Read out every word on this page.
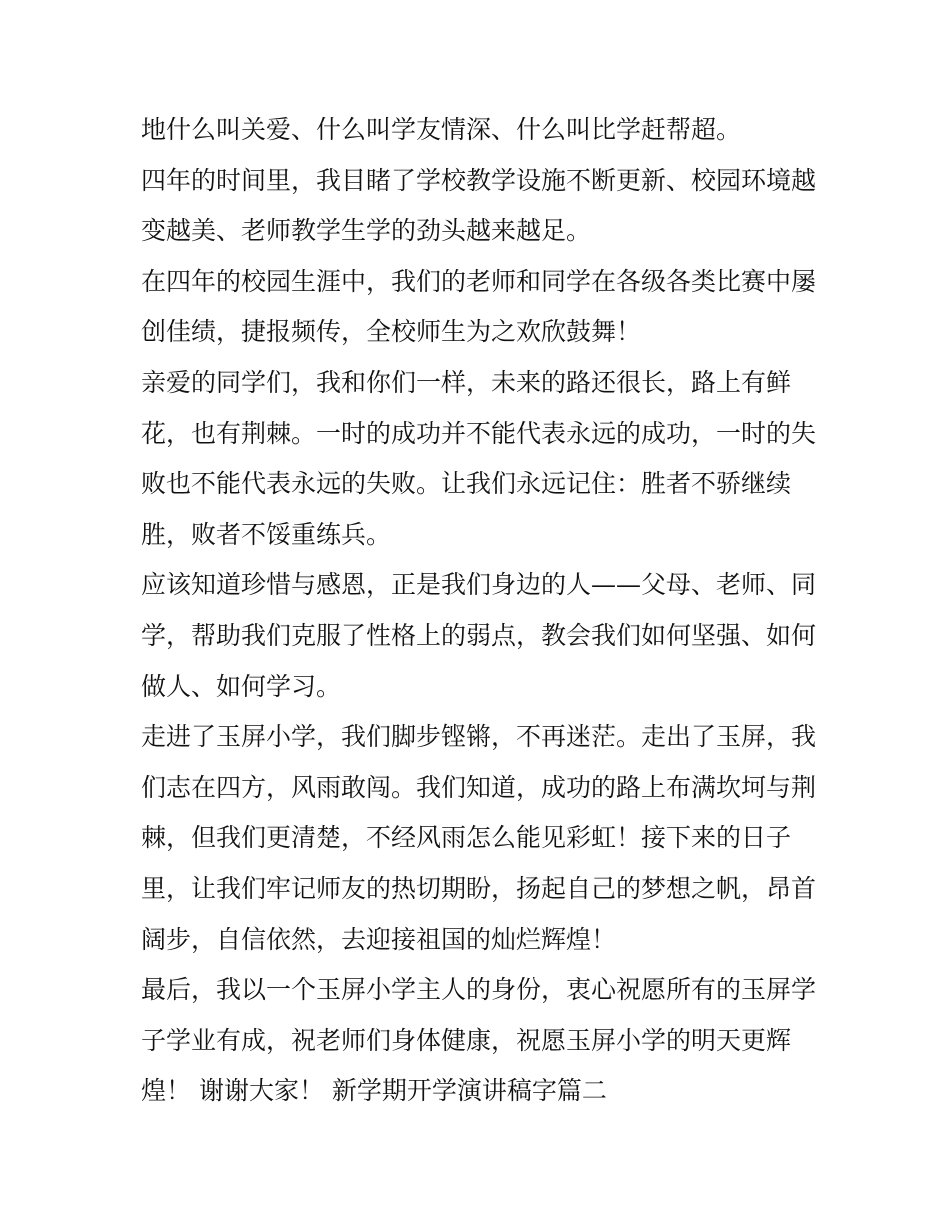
地什么叫关爱、什么叫学友情深、什么叫比学赶帮超。
四年的时间里，我目睹了学校教学设施不断更新、校园环境越
变越美、老师教学生学的劲头越来越足。
在四年的校园生涯中，我们的老师和同学在各级各类比赛中屡
创佳绩，捷报频传，全校师生为之欢欣鼓舞！
亲爱的同学们，我和你们一样，未来的路还很长，路上有鲜
花，也有荆棘。一时的成功并不能代表永远的成功，一时的失
败也不能代表永远的失败。让我们永远记住：胜者不骄继续
胜，败者不馁重练兵。
应该知道珍惜与感恩，正是我们身边的人——父母、老师、同
学，帮助我们克服了性格上的弱点，教会我们如何坚强、如何
做人、如何学习。
走进了玉屏小学，我们脚步铿锵，不再迷茫。走出了玉屏，我
们志在四方，风雨敢闯。我们知道，成功的路上布满坎坷与荆
棘，但我们更清楚，不经风雨怎么能见彩虹！接下来的日子
里，让我们牢记师友的热切期盼，扬起自己的梦想之帆，昂首
阔步，自信依然，去迎接祖国的灿烂辉煌！
最后，我以一个玉屏小学主人的身份，衷心祝愿所有的玉屏学
子学业有成，祝老师们身体健康，祝愿玉屏小学的明天更辉
煌！ 谢谢大家！ 新学期开学演讲稿字篇二
